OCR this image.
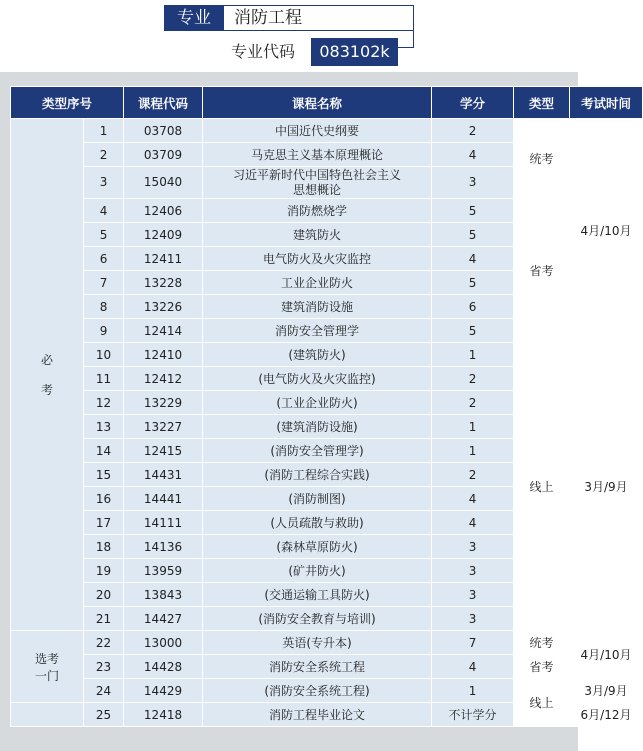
专业	消防工程
专业代码	083102k
类型序号		课程代码	课程名称	学分	类型	考试时间
必
考	1	03708	中国近代史纲要	2	统考	4月/10月
	2	03709	马克思主义基本原理概论	4		
	3	15040	习近平新时代中国特色社会主义
思想概论	3		
	4	12406	消防燃烧学	5	省考	
	5	12409	建筑防火	5		
	6	12411	电气防火及火灾监控	4		
	7	13228	工业企业防火	5		
	8	13226	建筑消防设施	6		
	9	12414	消防安全管理学	5		
	10	12410	(建筑防火)	1	线上	3月/9月
	11	12412	(电气防火及火灾监控)	2		
	12	13229	(工业企业防火)	2		
	13	13227	(建筑消防设施)	1		
	14	12415	(消防安全管理学)	1		
	15	14431	(消防工程综合实践)	2		
	16	14441	(消防制图)	4		
	17	14111	(人员疏散与救助)	4		
	18	14136	(森林草原防火)	3		
	19	13959	(矿井防火)	3		
	20	13843	(交通运输工具防火)	3		
	21	14427	(消防安全教育与培训)	3		
选考
一门	22	13000	英语(专升本)	7	统考	4月/10月
	23	14428	消防安全系统工程	4	省考	
	24	14429	(消防安全系统工程)	1	线上	3月/9月
	25	12418	消防工程毕业论文	不计学分		6月/12月
